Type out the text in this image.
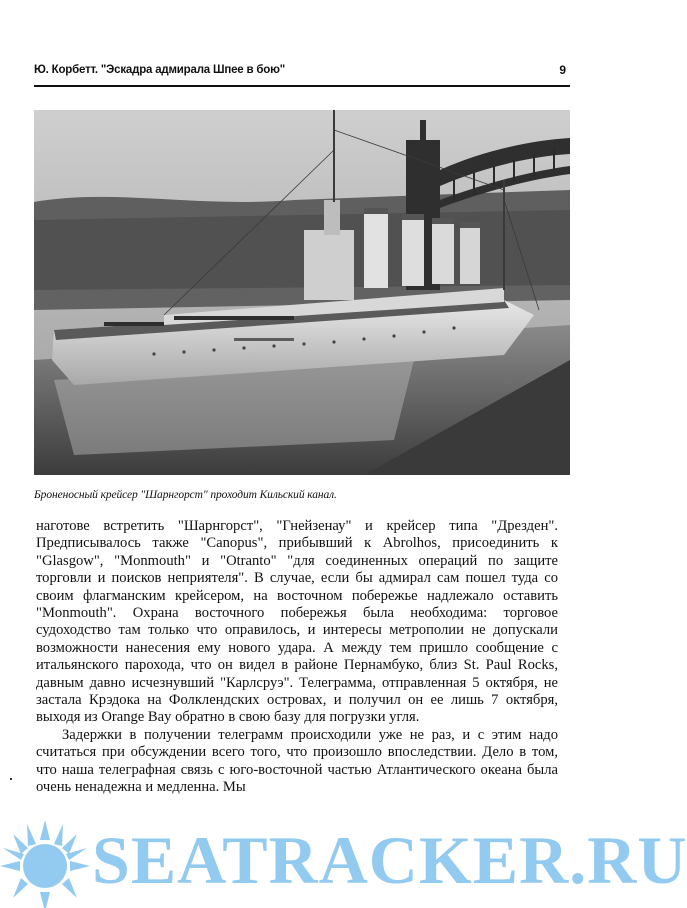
Ю. Корбетт. "Эскадра адмирала Шпее в бою"	9
Броненосный крейсер "Шарнгорст" проходит Кильский канал.

наготове встретить "Шарнгорст", "Гнейзенау" и крейсер типа "Дрезден". Предписывалось также "Canopus", прибывший к Abrolhos, присоединить к "Glasgow", "Monmouth" и "Otranto" "для соединенных операций по защите торговли и поисков неприятеля". В случае, если бы адмирал сам пошел туда со своим флагманским крейсером, на восточном побережье надлежало оставить "Monmouth". Охрана восточного побережья была необходима: торговое судоходство там только что оправилось, и интересы метрополии не допускали возможности нанесения ему нового удара. А между тем пришло сообщение с итальянского парохода, что он видел в районе Пернамбуко, близ St. Paul Rocks, давным давно исчезнувший "Карлсруэ". Телеграмма, отправленная 5 октября, не застала Крэдока на Фолклендских островах, и получил он ее лишь 7 октября, выходя из Orange Bay обратно в свою базу для погрузки угля.

Задержки в получении телеграмм происходили уже не раз, и с этим надо считаться при обсуждении всего того, что произошло впоследствии. Дело в том, что наша телеграфная связь с юго-восточной частью Атлантического океана была очень ненадежна и медленна. Мы

SEATRACKER.RU
